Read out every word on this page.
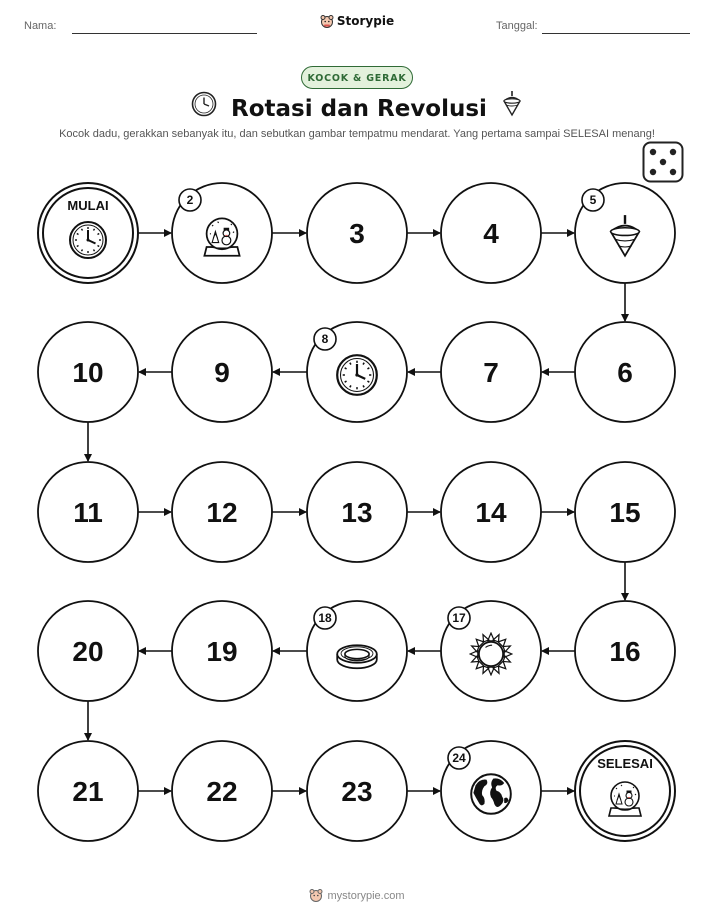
Nama:	Storypie	Tanggal:
KOCOK & GERAK
Rotasi dan Revolusi
Kocok dadu, gerakkan sebanyak itu, dan sebutkan gambar tempatmu mendarat. Yang pertama sampai SELESAI menang!
MULAI	2
3	4
5
6
7
8
9
10
11	12	13	14	15
16
17
18
19
20
21	22	23
24	SELESAI
mystorypie.com
